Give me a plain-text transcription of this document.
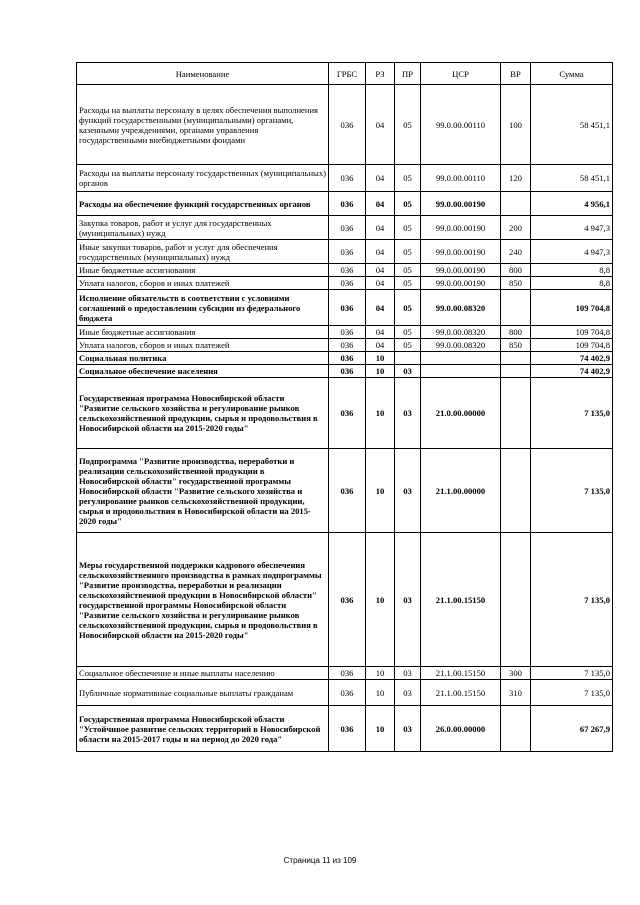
Наименование	ГРБС	РЗ	ПР	ЦСР	ВР	Сумма
Расходы на выплаты персоналу в целях обеспечения выполнения функций государственными (муниципальными) органами, казенными учреждениями, органами управления государственными внебюджетными фондами	036	04	05	99.0.00.00110	100	58 451,1
Расходы на выплаты персоналу государственных (муниципальных) органов	036	04	05	99.0.00.00110	120	58 451,1
Расходы на обеспечение функций государственных органов	036	04	05	99.0.00.00190		4 956,1
Закупка товаров, работ и услуг для государственных (муниципальных) нужд	036	04	05	99.0.00.00190	200	4 947,3
Иные закупки товаров, работ и услуг для обеспечения государственных (муниципальных) нужд	036	04	05	99.0.00.00190	240	4 947,3
Иные бюджетные ассигнования	036	04	05	99.0.00.00190	800	8,8
Уплата налогов, сборов и иных платежей	036	04	05	99.0.00.00190	850	8,8
Исполнение обязательств в соответствии с условиями соглашений о предоставлении субсидии из федерального бюджета	036	04	05	99.0.00.08320		109 704,8
Иные бюджетные ассигнования	036	04	05	99.0.00.08320	800	109 704,8
Уплата налогов, сборов и иных платежей	036	04	05	99.0.00.08320	850	109 704,8
Социальная политика	036	10				74 402,9
Социальное обеспечение населения	036	10	03			74 402,9
Государственная программа Новосибирской области "Развитие сельского хозяйства и регулирование рынков сельскохозяйственной продукции, сырья и продовольствия в Новосибирской области на 2015-2020 годы"	036	10	03	21.0.00.00000		7 135,0
Подпрограмма "Развитие производства, переработки и реализации сельскохозяйственной продукции в Новосибирской области" государственной программы Новосибирской области "Развитие сельского хозяйства и регулирование рынков сельскохозяйственной продукции, сырья и продовольствия в Новосибирской области на 2015-2020 годы"	036	10	03	21.1.00.00000		7 135,0
Меры государственной поддержки кадрового обеспечения сельскохозяйственного производства в рамках подпрограммы "Развитие производства, переработки и реализации сельскохозяйственной продукции в Новосибирской области" государственной программы Новосибирской области "Развитие сельского хозяйства и регулирование рынков сельскохозяйственной продукции, сырья и продовольствия в Новосибирской области на 2015-2020 годы"	036	10	03	21.1.00.15150		7 135,0
Социальное обеспечение и иные выплаты населению	036	10	03	21.1.00.15150	300	7 135,0
Публичные нормативные социальные выплаты гражданам	036	10	03	21.1.00.15150	310	7 135,0
Государственная программа Новосибирской области "Устойчивое развитие сельских территорий в Новосибирской области на 2015-2017 годы и на период до 2020 года"	036	10	03	26.0.00.00000		67 267,9
Страница 11 из 109
